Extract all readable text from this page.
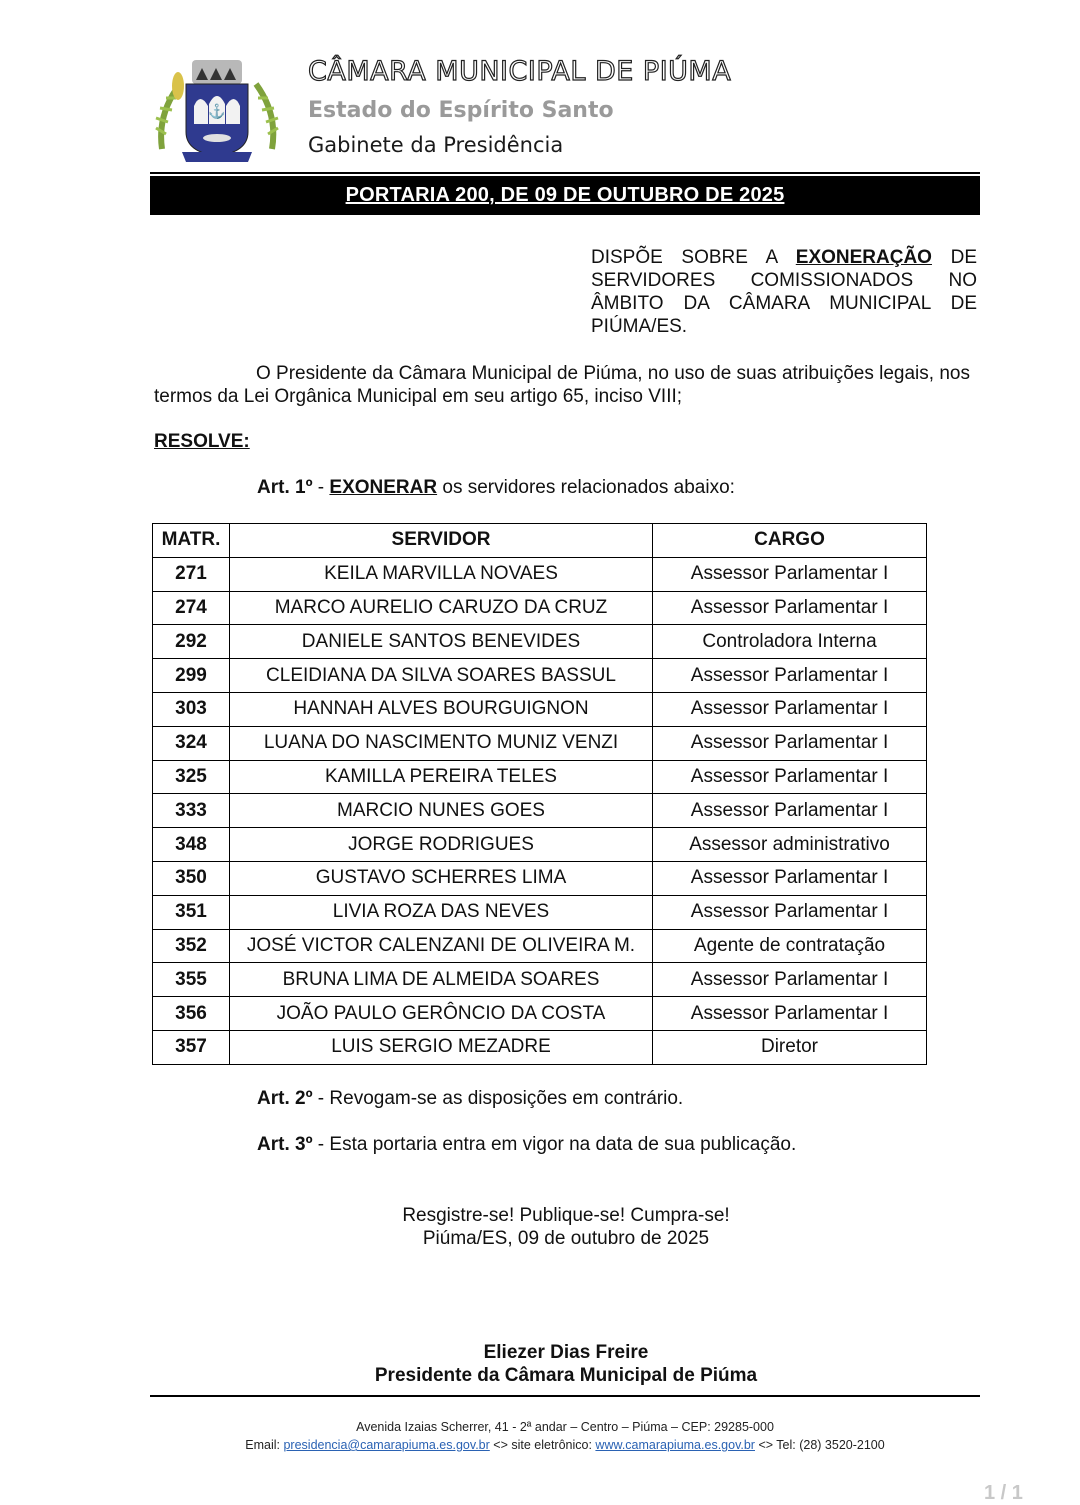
⚓
CÂMARA MUNICIPAL DE PIÚMA
Estado do Espírito Santo
Gabinete da Presidência
PORTARIA 200, DE 09 DE OUTUBRO DE 2025
DISPÕE SOBRE A EXONERAÇÃO DE SERVIDORES COMISSIONADOS NO ÂMBITO DA CÂMARA MUNICIPAL DE PIÚMA/ES.
O Presidente da Câmara Municipal de Piúma, no uso de suas atribuições legais, nos termos da Lei Orgânica Municipal em seu artigo 65, inciso VIII;
RESOLVE:
Art. 1º - EXONERAR os servidores relacionados abaixo:
MATR.	SERVIDOR	CARGO
271	KEILA MARVILLA NOVAES	Assessor Parlamentar I
274	MARCO AURELIO CARUZO DA CRUZ	Assessor Parlamentar I
292	DANIELE SANTOS BENEVIDES	Controladora Interna
299	CLEIDIANA DA SILVA SOARES BASSUL	Assessor Parlamentar I
303	HANNAH ALVES BOURGUIGNON	Assessor Parlamentar I
324	LUANA DO NASCIMENTO MUNIZ VENZI	Assessor Parlamentar I
325	KAMILLA PEREIRA TELES	Assessor Parlamentar I
333	MARCIO NUNES GOES	Assessor Parlamentar I
348	JORGE RODRIGUES	Assessor administrativo
350	GUSTAVO SCHERRES LIMA	Assessor Parlamentar I
351	LIVIA ROZA DAS NEVES	Assessor Parlamentar I
352	JOSÉ VICTOR CALENZANI DE OLIVEIRA M.	Agente de contratação
355	BRUNA LIMA DE ALMEIDA SOARES	Assessor Parlamentar I
356	JOÃO PAULO GERÔNCIO DA COSTA	Assessor Parlamentar I
357	LUIS SERGIO MEZADRE	Diretor
Art. 2º - Revogam-se as disposições em contrário.
Art. 3º - Esta portaria entra em vigor na data de sua publicação.
Resgistre-se! Publique-se! Cumpra-se!
Piúma/ES, 09 de outubro de 2025
Eliezer Dias Freire
Presidente da Câmara Municipal de Piúma
Avenida Izaias Scherrer, 41 - 2ª andar – Centro – Piúma – CEP: 29285-000
Email: presidencia@camarapiuma.es.gov.br <> site eletrônico: www.camarapiuma.es.gov.br <> Tel: (28) 3520-2100
1 / 1
